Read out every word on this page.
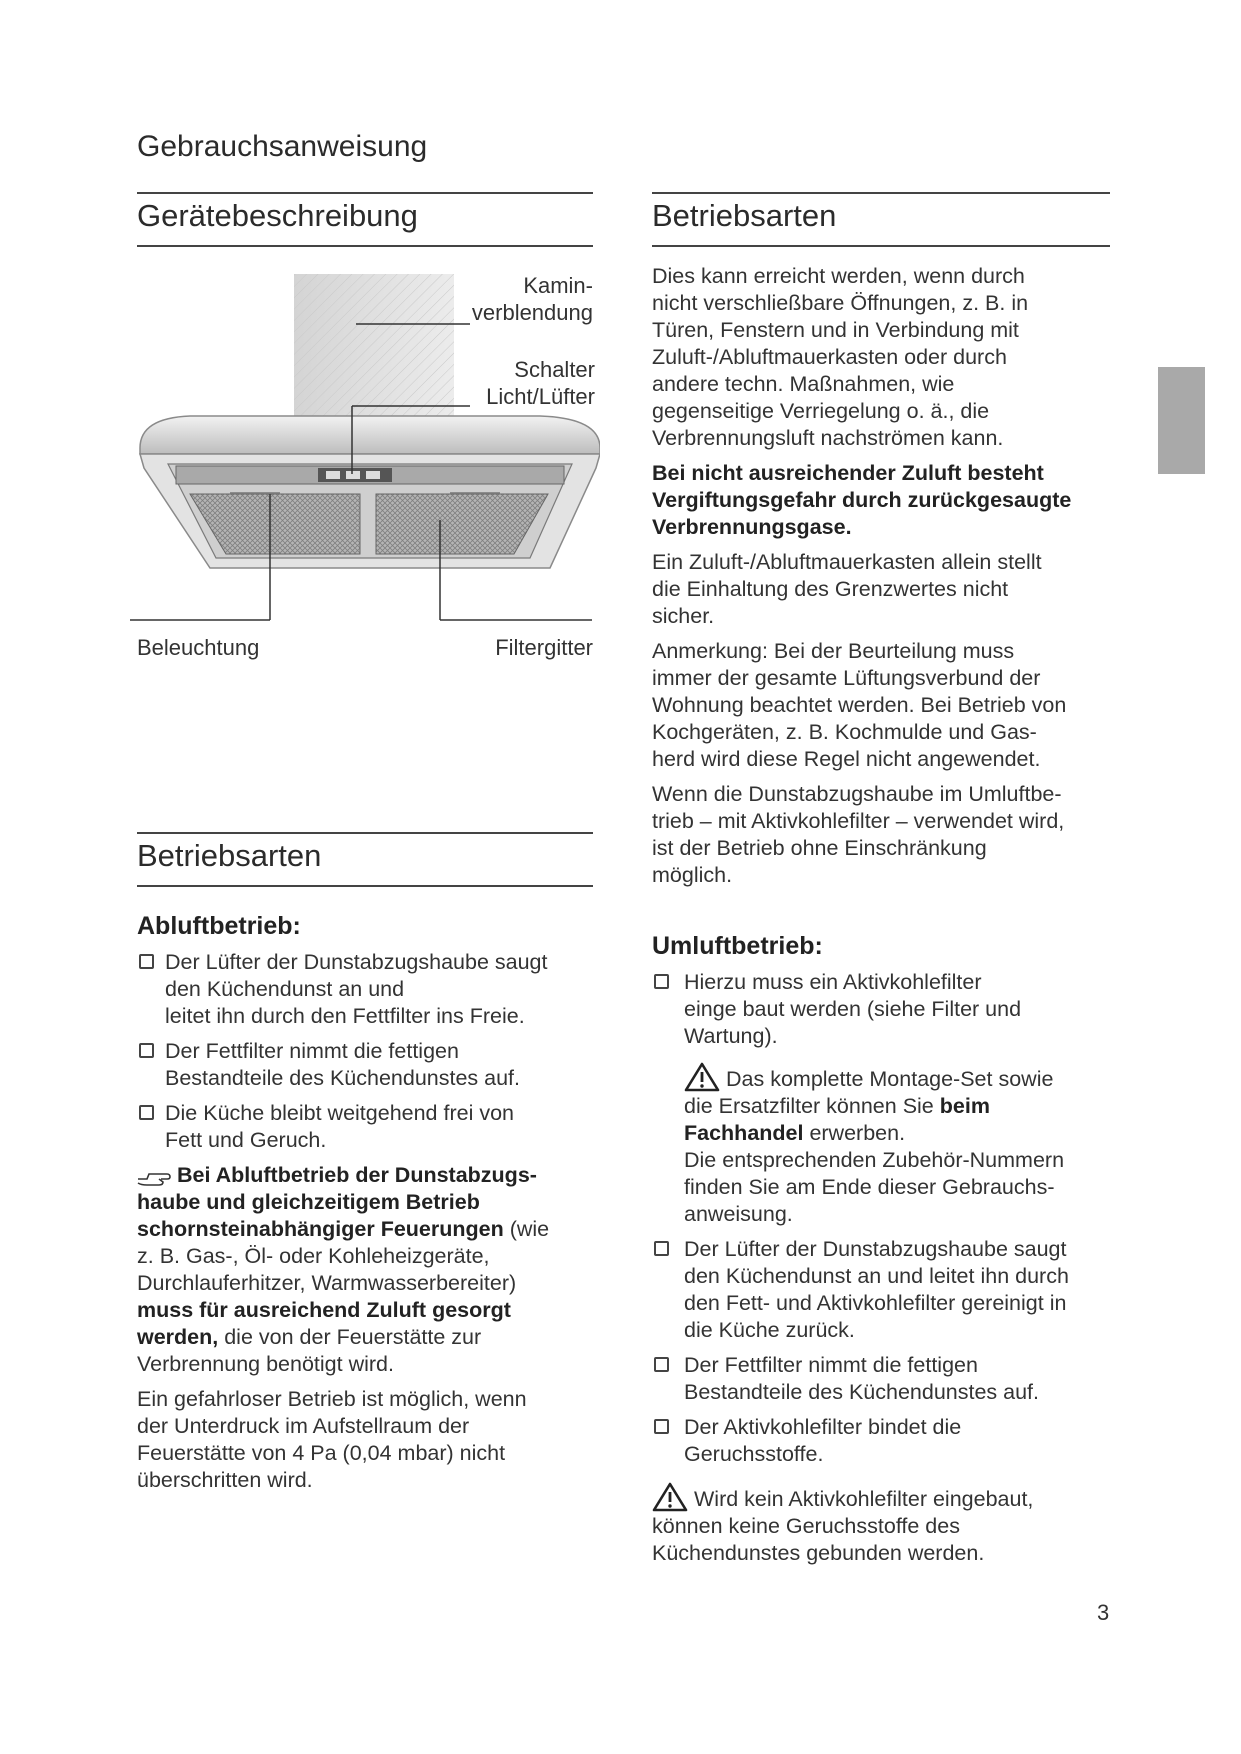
Gebrauchsanweisung
Gerätebeschreibung
Kamin-
verblendung
Schalter
Licht/Lüfter
Beleuchtung	Filtergitter
Betriebsarten
Abluftbetrieb:
Der Lüfter der Dunstabzugshaube saugt
den Küchendunst an und
leitet ihn durch den Fettfilter ins Freie.
Der Fettfilter nimmt die fettigen
Bestandteile des Küchendunstes auf.
Die Küche bleibt weitgehend frei von
Fett und Geruch.
Bei Abluftbetrieb der Dunstabzugs-
haube und gleichzeitigem Betrieb
schornsteinabhängiger Feuerungen (wie
z. B. Gas-, Öl- oder Kohleheizgeräte,
Durchlauferhitzer, Warmwasserbereiter)
muss für ausreichend Zuluft gesorgt
werden, die von der Feuerstätte zur
Verbrennung benötigt wird.
Ein gefahrloser Betrieb ist möglich, wenn
der Unterdruck im Aufstellraum der
Feuerstätte von 4 Pa (0,04 mbar) nicht
überschritten wird.
Betriebsarten
Dies kann erreicht werden, wenn durch
nicht verschließbare Öffnungen, z. B. in
Türen, Fenstern und in Verbindung mit
Zuluft-/Abluftmauerkasten oder durch
andere techn. Maßnahmen, wie
gegenseitige Verriegelung o. ä., die
Verbrennungsluft nachströmen kann.
Bei nicht ausreichender Zuluft besteht
Vergiftungsgefahr durch zurückgesaugte
Verbrennungsgase.
Ein Zuluft-/Abluftmauerkasten allein stellt
die Einhaltung des Grenzwertes nicht
sicher.
Anmerkung: Bei der Beurteilung muss
immer der gesamte Lüftungsverbund der
Wohnung beachtet werden. Bei Betrieb von
Kochgeräten, z. B. Kochmulde und Gas-
herd wird diese Regel nicht angewendet.
Wenn die Dunstabzugshaube im Umluftbe-
trieb – mit Aktivkohlefilter – verwendet wird,
ist der Betrieb ohne Einschränkung
möglich.
Umluftbetrieb:
Hierzu muss ein Aktivkohlefilter
einge baut werden (siehe Filter und
Wartung).
Das komplette Montage-Set sowie
die Ersatzfilter können Sie beim
Fachhandel erwerben.
Die entsprechenden Zubehör-Nummern
finden Sie am Ende dieser Gebrauchs-
anweisung.
Der Lüfter der Dunstabzugshaube saugt
den Küchendunst an und leitet ihn durch
den Fett- und Aktivkohlefilter gereinigt in
die Küche zurück.
Der Fettfilter nimmt die fettigen
Bestandteile des Küchendunstes auf.
Der Aktivkohlefilter bindet die
Geruchsstoffe.
Wird kein Aktivkohlefilter eingebaut,
können keine Geruchsstoffe des
Küchendunstes gebunden werden.
3
